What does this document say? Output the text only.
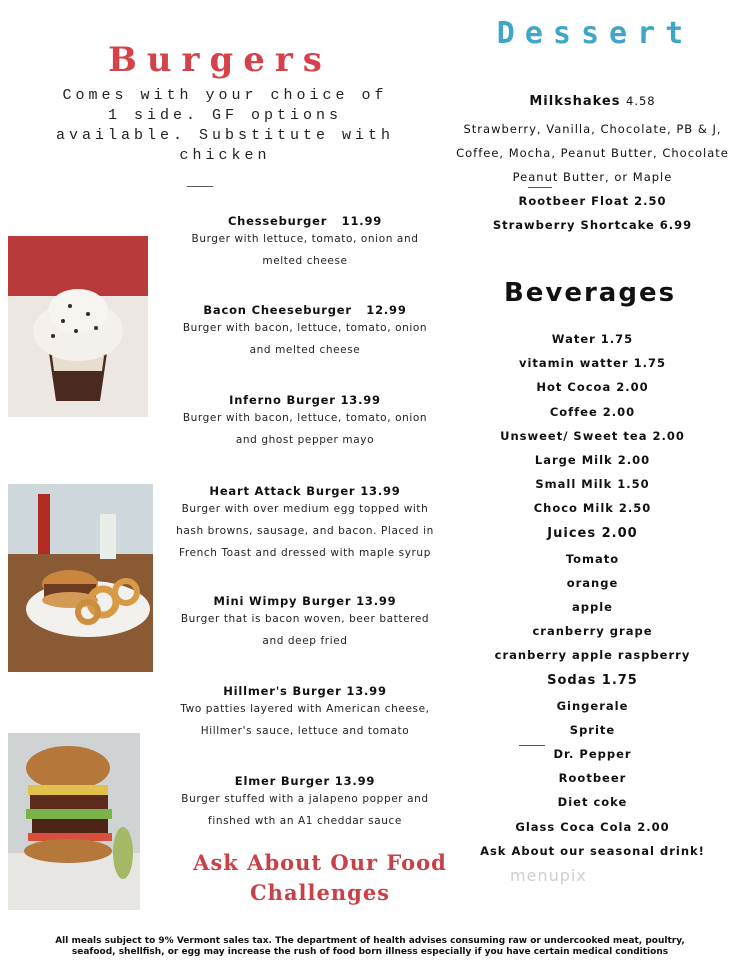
Burgers
Comes with your choice of 1 side. GF options available. Substitute with chicken
Chesseburger 11.99
Burger with lettuce, tomato, onion and
melted cheese
Bacon Cheeseburger 12.99
Burger with bacon, lettuce, tomato, onion
and melted cheese
Inferno Burger 13.99
Burger with bacon, lettuce, tomato, onion
and ghost pepper mayo
Heart Attack Burger 13.99
Burger with over medium egg topped with
hash browns, sausage, and bacon. Placed in
French Toast and dressed with maple syrup
Mini Wimpy Burger 13.99
Burger that is bacon woven, beer battered
and deep fried
Hillmer's Burger 13.99
Two patties layered with American cheese,
Hillmer's sauce, lettuce and tomato
Elmer Burger 13.99
Burger stuffed with a jalapeno popper and
finshed wth an A1 cheddar sauce
Ask About Our Food Challenges
Dessert
Milkshakes 4.58
Strawberry, Vanilla, Chocolate, PB & J,
Coffee, Mocha, Peanut Butter, Chocolate
Peanut Butter, or Maple
Rootbeer Float 2.50
Strawberry Shortcake 6.99
Beverages
Water 1.75
vitamin watter 1.75
Hot Cocoa 2.00
Coffee 2.00
Unsweet/ Sweet tea 2.00
Large Milk 2.00
Small Milk 1.50
Choco Milk 2.50
Juices 2.00
Tomato
orange
apple
cranberry grape
cranberry apple raspberry
Sodas 1.75
Gingerale
Sprite
Dr. Pepper
Rootbeer
Diet coke
Glass Coca Cola 2.00
Ask About our seasonal drink!
menupix
All meals subject to 9% Vermont sales tax. The department of health advises consuming raw or undercooked meat, poultry,
seafood, shellfish, or egg may increase the rush of food born illness especially if you have certain medical conditions
